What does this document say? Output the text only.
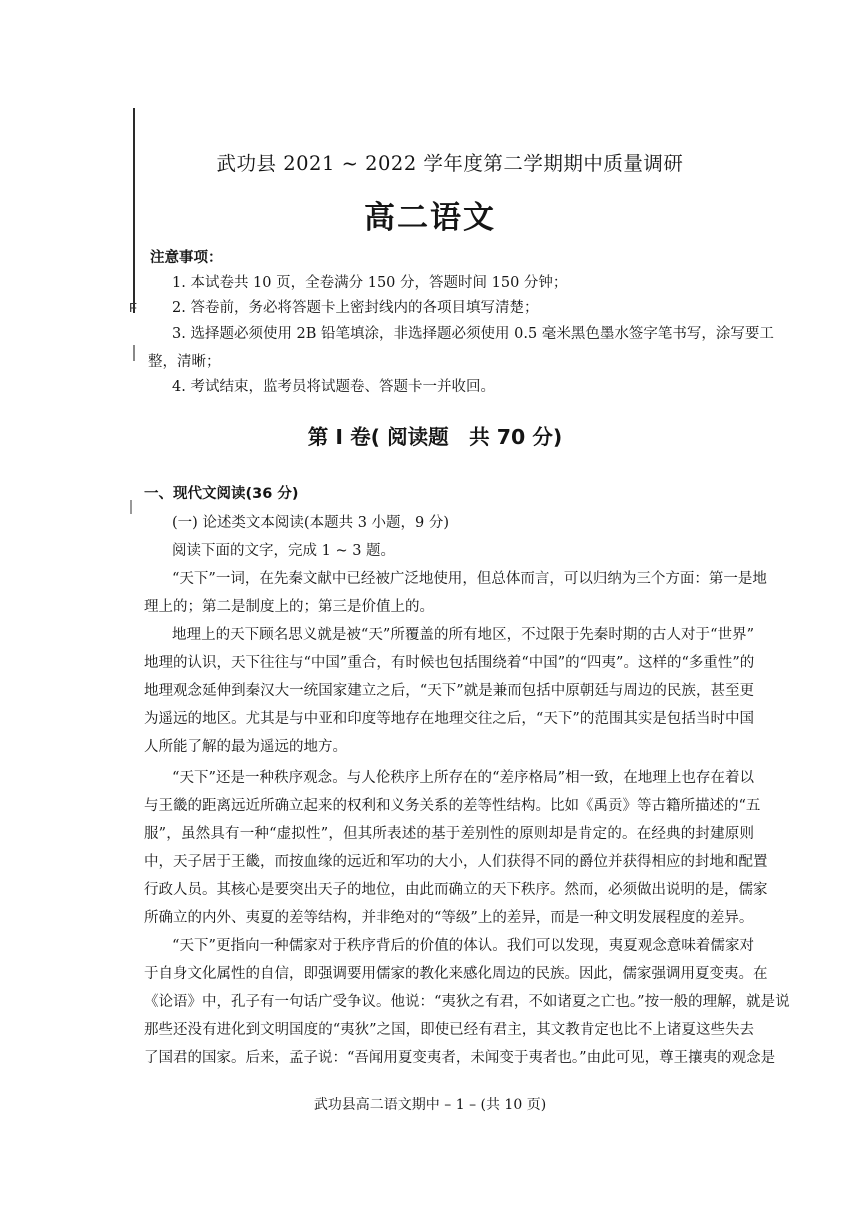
F
武功县 2021 ~ 2022 学年度第二学期期中质量调研
高二语文
注意事项：
1. 本试卷共 10 页，全卷满分 150 分，答题时间 150 分钟；
2. 答卷前，务必将答题卡上密封线内的各项目填写清楚；
3. 选择题必须使用 2B 铅笔填涂，非选择题必须使用 0.5 毫米黑色墨水签字笔书写，涂写要工
整，清晰；
4. 考试结束，监考员将试题卷、答题卡一并收回。
第 Ⅰ 卷( 阅读题　共 70 分)
一、现代文阅读(36 分)
(一) 论述类文本阅读(本题共 3 小题，9 分)
阅读下面的文字，完成 1 ~ 3 题。
“天下”一词，在先秦文献中已经被广泛地使用，但总体而言，可以归纳为三个方面：第一是地
理上的；第二是制度上的；第三是价值上的。
地理上的天下顾名思义就是被“天”所覆盖的所有地区，不过限于先秦时期的古人对于“世界”
地理的认识，天下往往与“中国”重合，有时候也包括围绕着“中国”的“四夷”。这样的“多重性”的
地理观念延伸到秦汉大一统国家建立之后，“天下”就是兼而包括中原朝廷与周边的民族，甚至更
为遥远的地区。尤其是与中亚和印度等地存在地理交往之后，“天下”的范围其实是包括当时中国
人所能了解的最为遥远的地方。
“天下”还是一种秩序观念。与人伦秩序上所存在的“差序格局”相一致，在地理上也存在着以
与王畿的距离远近所确立起来的权利和义务关系的差等性结构。比如《禹贡》等古籍所描述的“五
服”，虽然具有一种“虚拟性”，但其所表述的基于差别性的原则却是肯定的。在经典的封建原则
中，天子居于王畿，而按血缘的远近和军功的大小，人们获得不同的爵位并获得相应的封地和配置
行政人员。其核心是要突出天子的地位，由此而确立的天下秩序。然而，必须做出说明的是，儒家
所确立的内外、夷夏的差等结构，并非绝对的“等级”上的差异，而是一种文明发展程度的差异。
“天下”更指向一种儒家对于秩序背后的价值的体认。我们可以发现，夷夏观念意味着儒家对
于自身文化属性的自信，即强调要用儒家的教化来感化周边的民族。因此，儒家强调用夏变夷。在
《论语》中，孔子有一句话广受争议。他说：“夷狄之有君，不如诸夏之亡也。”按一般的理解，就是说
那些还没有进化到文明国度的“夷狄”之国，即使已经有君主，其文教肯定也比不上诸夏这些失去
了国君的国家。后来，孟子说：“吾闻用夏变夷者，未闻变于夷者也。”由此可见，尊王攘夷的观念是
武功县高二语文期中 – 1 – (共 10 页)
